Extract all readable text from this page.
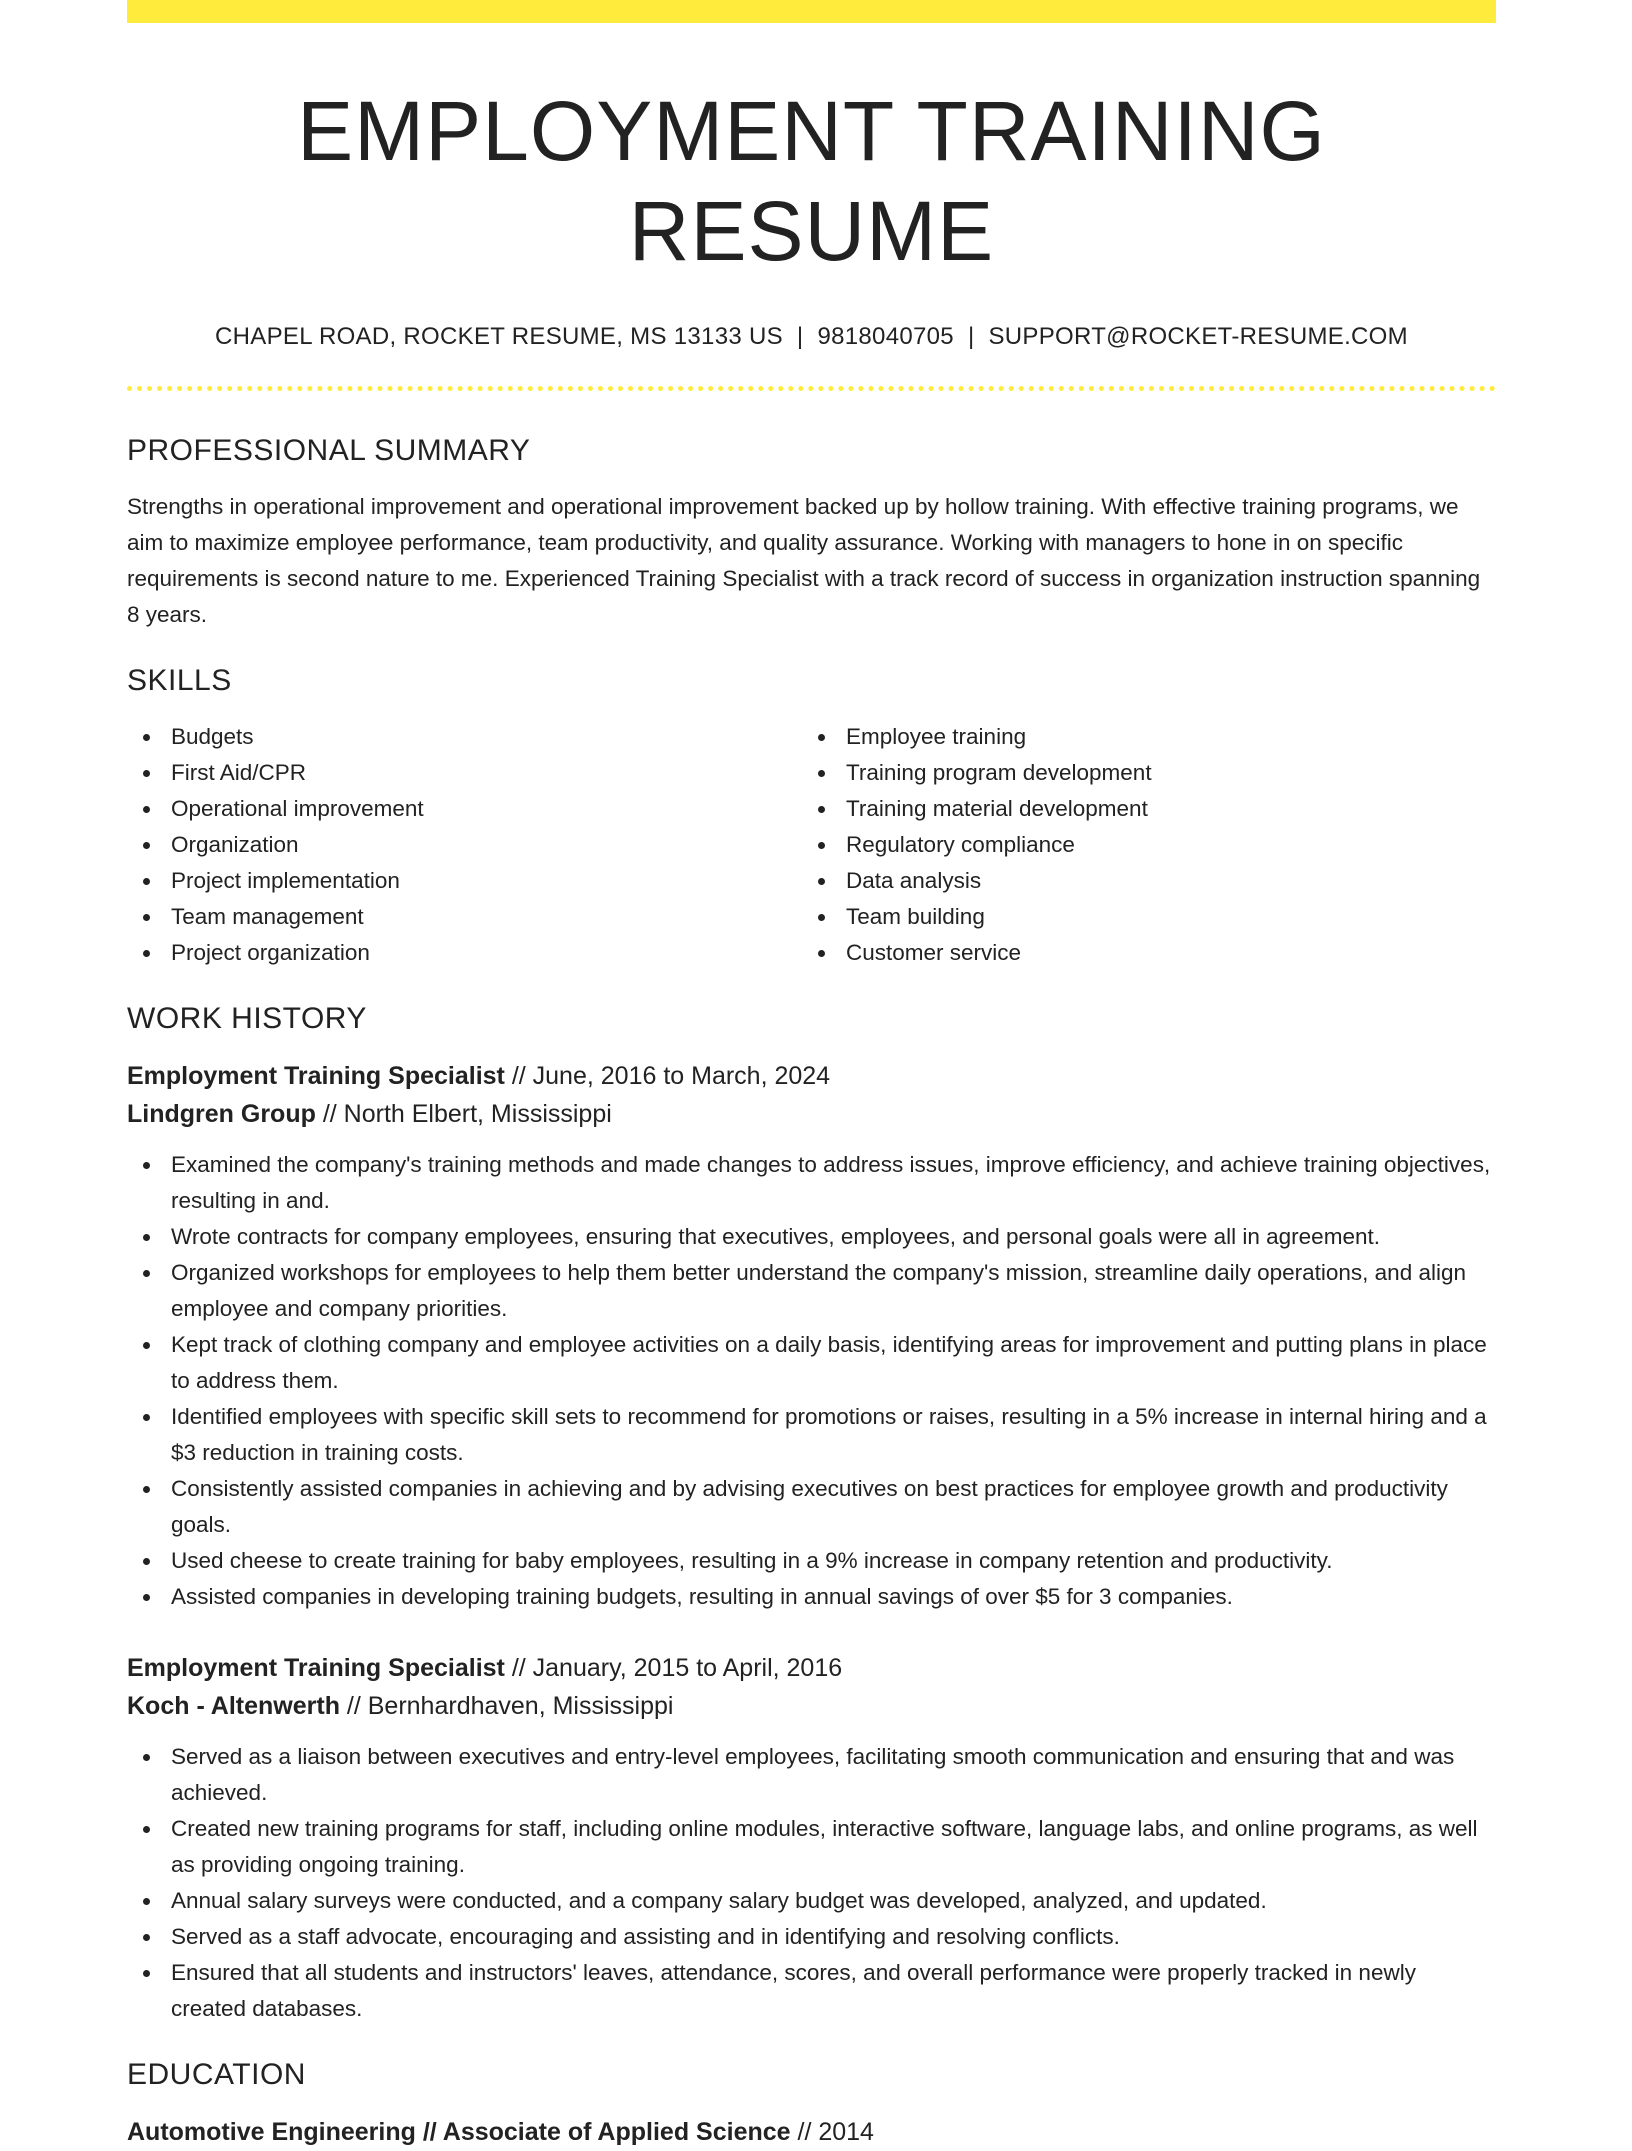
EMPLOYMENT TRAINING RESUME
CHAPEL ROAD, ROCKET RESUME, MS 13133 US | 9818040705 | SUPPORT@ROCKET-RESUME.COM
PROFESSIONAL SUMMARY

Strengths in operational improvement and operational improvement backed up by hollow training. With effective training programs, we aim to maximize employee performance, team productivity, and quality assurance. Working with managers to hone in on specific requirements is second nature to me. Experienced Training Specialist with a track record of success in organization instruction spanning 8 years.

SKILLS
Budgets
First Aid/CPR
Operational improvement
Organization
Project implementation
Team management
Project organization
Employee training
Training program development
Training material development
Regulatory compliance
Data analysis
Team building
Customer service
WORK HISTORY
Employment Training Specialist // June, 2016 to March, 2024
Lindgren Group // North Elbert, Mississippi
Examined the company's training methods and made changes to address issues, improve efficiency, and achieve training objectives, resulting in and.
Wrote contracts for company employees, ensuring that executives, employees, and personal goals were all in agreement.
Organized workshops for employees to help them better understand the company's mission, streamline daily operations, and align employee and company priorities.
Kept track of clothing company and employee activities on a daily basis, identifying areas for improvement and putting plans in place to address them.
Identified employees with specific skill sets to recommend for promotions or raises, resulting in a 5% increase in internal hiring and a $3 reduction in training costs.
Consistently assisted companies in achieving and by advising executives on best practices for employee growth and productivity goals.
Used cheese to create training for baby employees, resulting in a 9% increase in company retention and productivity.
Assisted companies in developing training budgets, resulting in annual savings of over $5 for 3 companies.
Employment Training Specialist // January, 2015 to April, 2016
Koch - Altenwerth // Bernhardhaven, Mississippi
Served as a liaison between executives and entry-level employees, facilitating smooth communication and ensuring that and was achieved.
Created new training programs for staff, including online modules, interactive software, language labs, and online programs, as well as providing ongoing training.
Annual salary surveys were conducted, and a company salary budget was developed, analyzed, and updated.
Served as a staff advocate, encouraging and assisting and in identifying and resolving conflicts.
Ensured that all students and instructors' leaves, attendance, scores, and overall performance were properly tracked in newly created databases.
EDUCATION
Automotive Engineering // Associate of Applied Science // 2014
